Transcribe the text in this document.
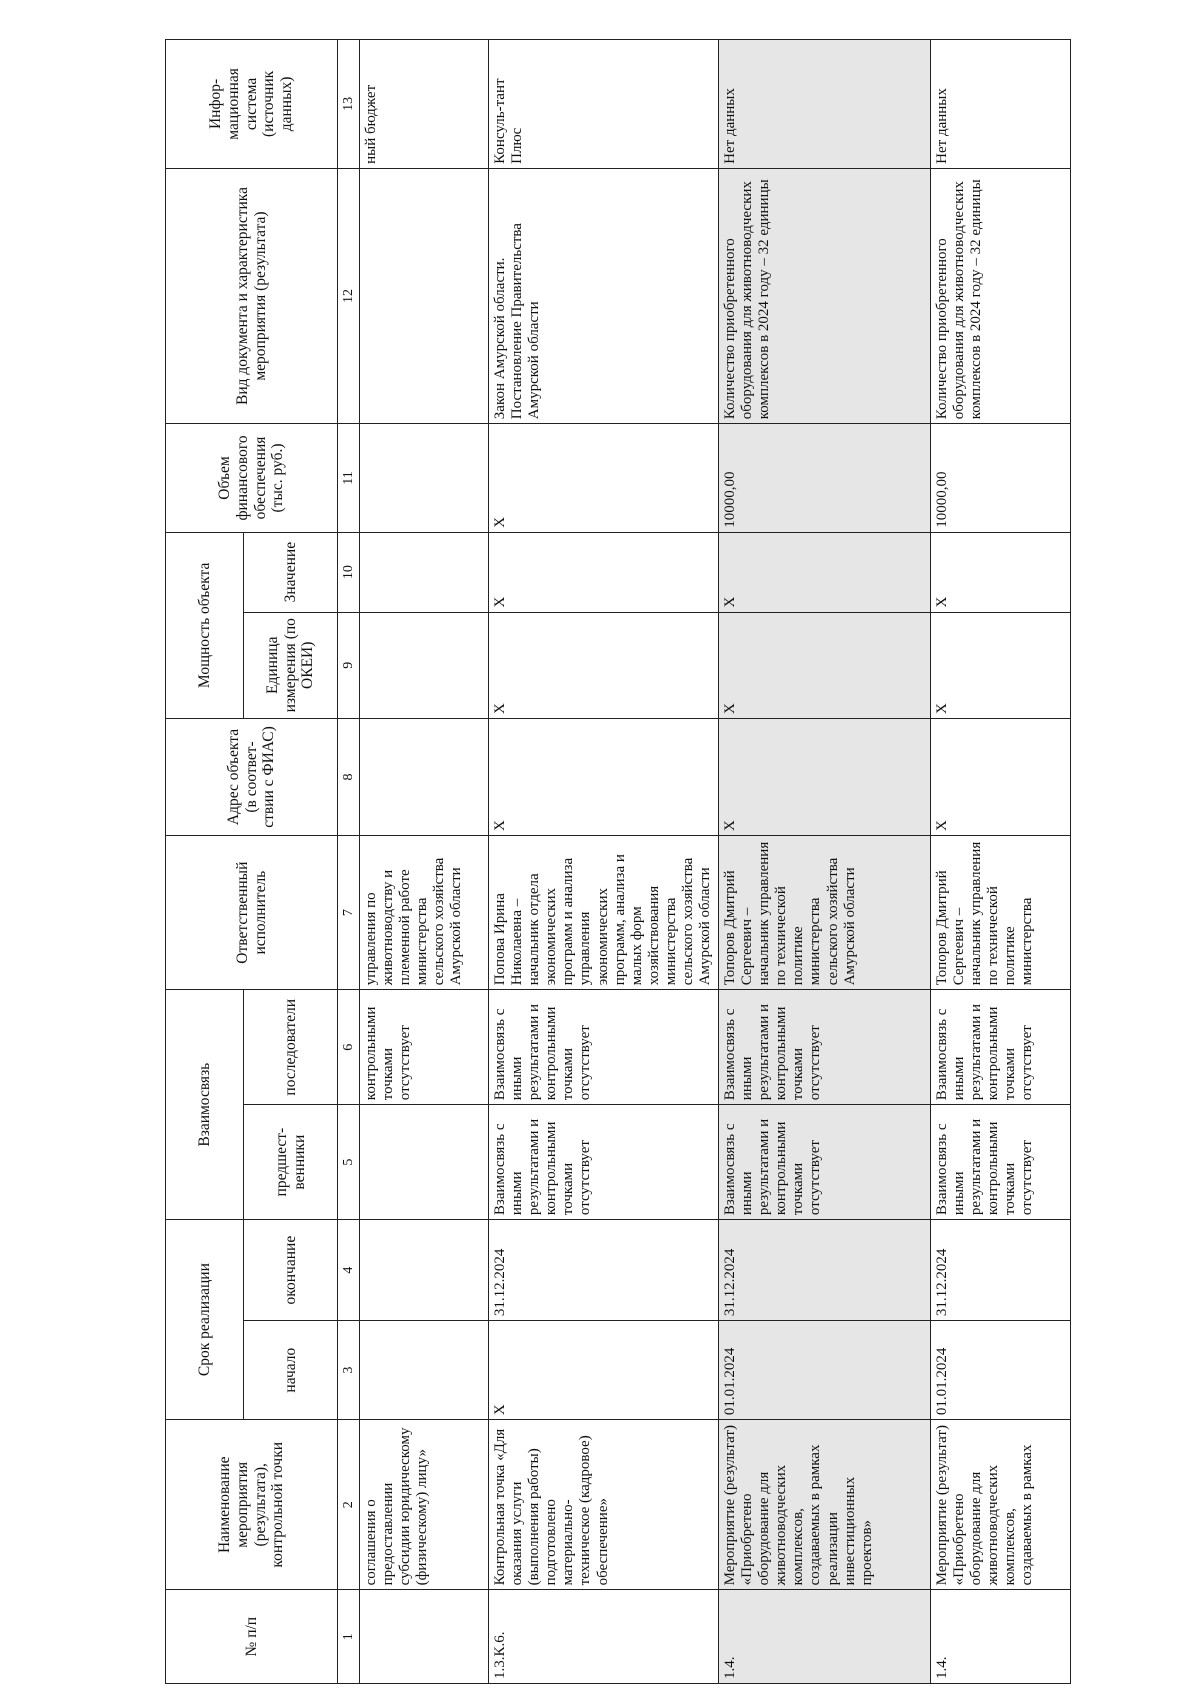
№ п/п	Наименование мероприятия (результата), контрольной точки	Срок реализации		Взаимосвязь		Ответственный исполнитель	Адрес объекта (в соответ-ствии с ФИАС)	Мощность объекта		Объем финансового обеспечения (тыс. руб.)	Вид документа и характеристика мероприятия (результата)	Инфор-мационная система (источник данных)
		начало	окончание	предшест-венники	последователи			Единица измерения (по ОКЕИ)	Значение			
1	2	3	4	5	6	7	8	9	10	11	12	13
	соглашения о предоставлении субсидии юридическому (физическому) лицу»				контрольными точками отсутствует	управления по животноводству и племенной работе министерства сельского хозяйства Амурской области						ный бюджет
1.3.К.6.	Контрольная точка «Для оказания услуги (выполнения работы) подготовлено материально-техническое (кадровое) обеспечение»	X	31.12.2024	Взаимосвязь с иными результатами и контрольными точками отсутствует	Взаимосвязь с иными результатами и контрольными точками отсутствует	Попова Ирина Николаевна – начальник отдела экономических программ и анализа управления экономических программ, анализа и малых форм хозяйствования министерства сельского хозяйства Амурской области	X	X	X	X	Закон Амурской области. Постановление Правительства Амурской области	Консуль-тант Плюс
1.4.	Мероприятие (результат) «Приобретено оборудование для животноводческих комплексов, создаваемых в рамках реализации инвестиционных проектов»	01.01.2024	31.12.2024	Взаимосвязь с иными результатами и контрольными точками отсутствует	Взаимосвязь с иными результатами и контрольными точками отсутствует	Топоров Дмитрий Сергеевич – начальник управления по технической политике министерства сельского хозяйства Амурской области	X	X	X	10000,00	Количество приобретенного оборудования для животноводческих комплексов в 2024 году – 32 единицы	Нет данных
1.4.	Мероприятие (результат) «Приобретено оборудование для животноводческих комплексов, создаваемых в рамках	01.01.2024	31.12.2024	Взаимосвязь с иными результатами и контрольными точками отсутствует	Взаимосвязь с иными результатами и контрольными точками отсутствует	Топоров Дмитрий Сергеевич – начальник управления по технической политике министерства	X	X	X	10000,00	Количество приобретенного оборудования для животноводческих комплексов в 2024 году – 32 единицы	Нет данных
